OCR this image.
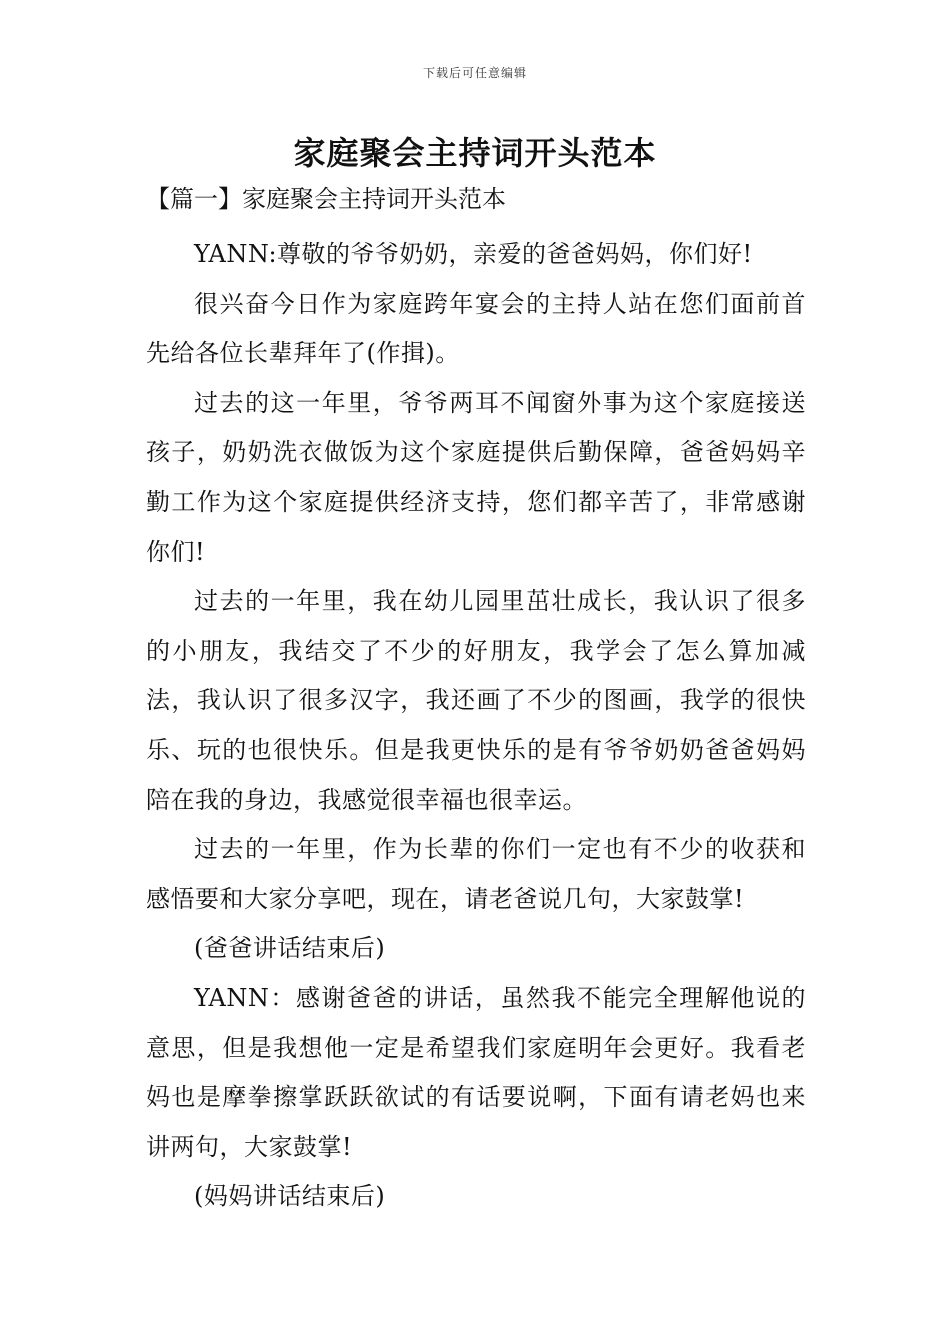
下载后可任意编辑
家庭聚会主持词开头范本
【篇一】家庭聚会主持词开头范本

YANN:尊敬的爷爷奶奶，亲爱的爸爸妈妈，你们好!

很兴奋今日作为家庭跨年宴会的主持人站在您们面前首先给各位长辈拜年了(作揖)。

过去的这一年里，爷爷两耳不闻窗外事为这个家庭接送孩子，奶奶洗衣做饭为这个家庭提供后勤保障，爸爸妈妈辛勤工作为这个家庭提供经济支持，您们都辛苦了，非常感谢你们!

过去的一年里，我在幼儿园里茁壮成长，我认识了很多的小朋友，我结交了不少的好朋友，我学会了怎么算加减法，我认识了很多汉字，我还画了不少的图画，我学的很快乐、玩的也很快乐。但是我更快乐的是有爷爷奶奶爸爸妈妈陪在我的身边，我感觉很幸福也很幸运。

过去的一年里，作为长辈的你们一定也有不少的收获和感悟要和大家分享吧，现在，请老爸说几句，大家鼓掌!

(爸爸讲话结束后)

YANN：感谢爸爸的讲话，虽然我不能完全理解他说的意思，但是我想他一定是希望我们家庭明年会更好。我看老妈也是摩拳擦掌跃跃欲试的有话要说啊，下面有请老妈也来讲两句，大家鼓掌!

(妈妈讲话结束后)
